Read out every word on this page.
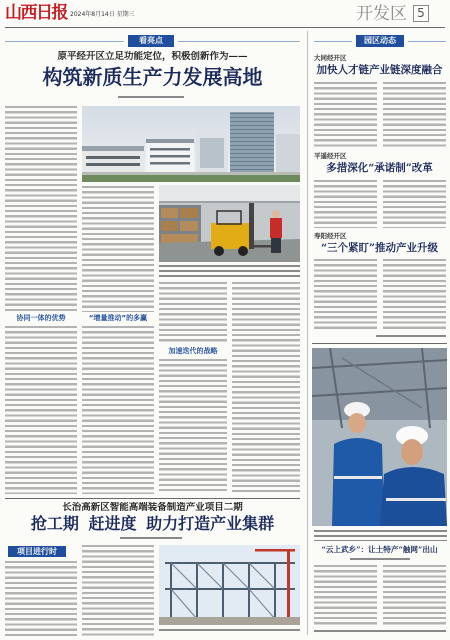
山西日报 2024年8月14日 星期三	开发区 5
看亮点
原平经开区立足功能定位，积极创新作为——
构筑新质生产力发展高地
协同一体的优势	“增量推动”的多赢
加速迭代的战略
长治高新区智能高端装备制造产业项目二期
抢工期 赶进度 助力打造产业集群
项目进行时
园区动态
大同经开区
加快人才链产业链深度融合
平遥经开区
多措深化“承诺制”改革
寿阳经开区
“三个紧盯”推动产业升级
“云上武乡”：让土特产“触网”出山
